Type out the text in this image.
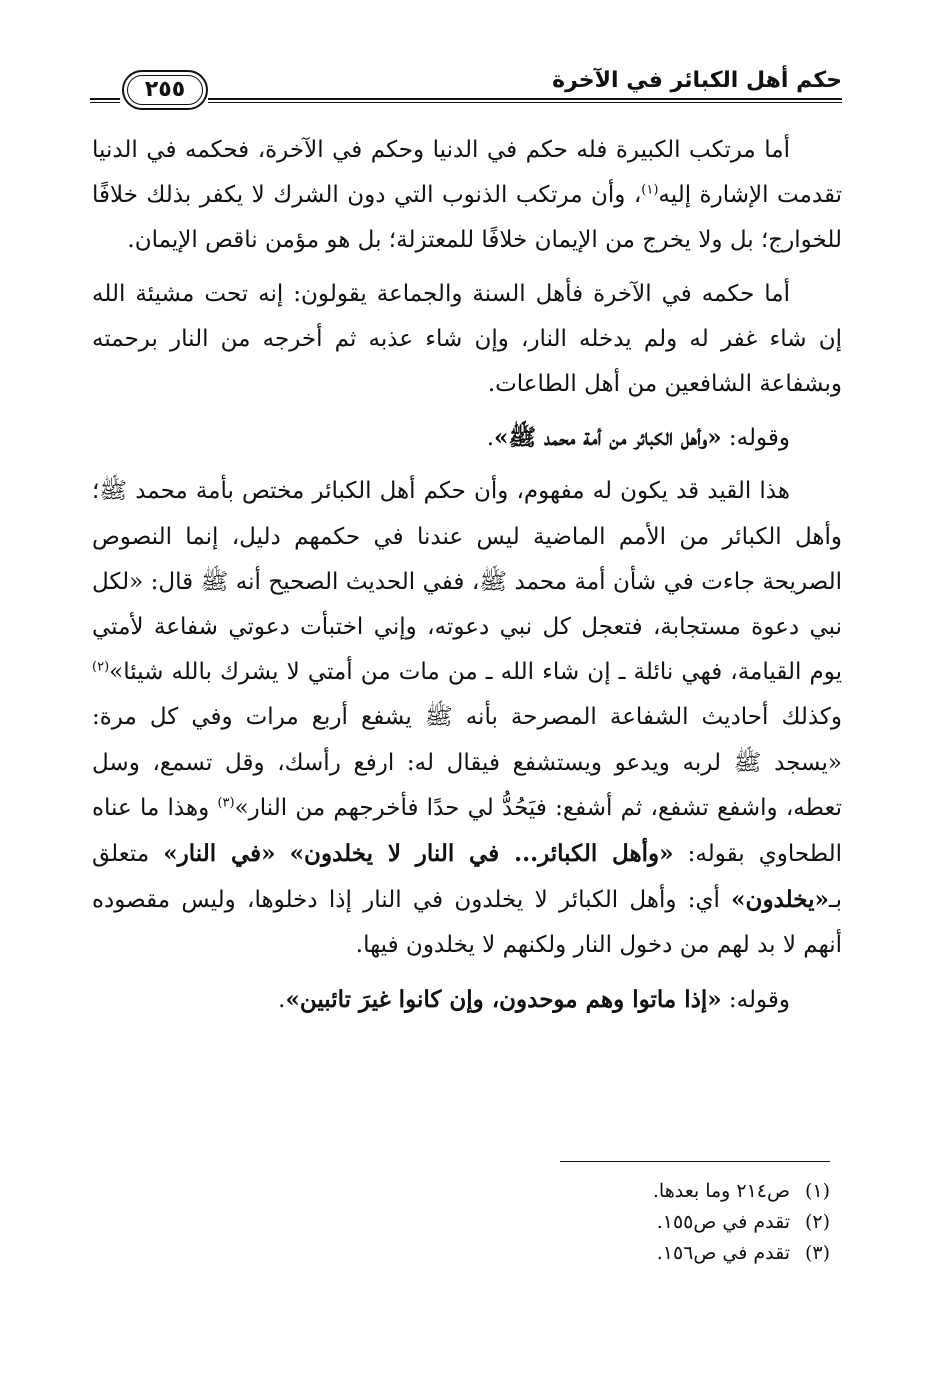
حكم أهل الكبائر في الآخرة
٢٥٥

أما مرتكب الكبيرة فله حكم في الدنيا وحكم في الآخرة، فحكمه في الدنيا تقدمت الإشارة إليه$^{(١)}$، وأن مرتكب الذنوب التي دون الشرك لا يكفر بذلك خلافًا للخوارج؛ بل ولا يخرج من الإيمان خلافًا للمعتزلة؛ بل هو مؤمن ناقص الإيمان.

أما حكمه في الآخرة فأهل السنة والجماعة يقولون: إنه تحت مشيئة الله إن شاء غفر له ولم يدخله النار، وإن شاء عذبه ثم أخرجه من النار برحمته وبشفاعة الشافعين من أهل الطاعات.

وقوله: «وأهل الكبائر من أمة محمد ﷺ».

هذا القيد قد يكون له مفهوم، وأن حكم أهل الكبائر مختص بأمة محمد ﷺ؛ وأهل الكبائر من الأمم الماضية ليس عندنا في حكمهم دليل، إنما النصوص الصريحة جاءت في شأن أمة محمد ﷺ، ففي الحديث الصحيح أنه ﷺ قال: «لكل نبي دعوة مستجابة، فتعجل كل نبي دعوته، وإني اختبأت دعوتي شفاعة لأمتي يوم القيامة، فهي نائلة ـ إن شاء الله ـ من مات من أمتي لا يشرك بالله شيئا»$^{(٢)}$ وكذلك أحاديث الشفاعة المصرحة بأنه ﷺ يشفع أربع مرات وفي كل مرة: «يسجد ﷺ لربه ويدعو ويستشفع فيقال له: ارفع رأسك، وقل تسمع، وسل تعطه، واشفع تشفع، ثم أشفع: فيَحُدُّ لي حدًا فأخرجهم من النار»$^{(٣)}$ وهذا ما عناه الطحاوي بقوله: «وأهل الكبائر... في النار لا يخلدون» «في النار» متعلق بـ«يخلدون» أي: وأهل الكبائر لا يخلدون في النار إذا دخلوها، وليس مقصوده أنهم لا بد لهم من دخول النار ولكنهم لا يخلدون فيها.

وقوله: «إذا ماتوا وهم موحدون، وإن كانوا غيرَ تائبين».

(١)ص٢١٤ وما بعدها.
(٢)تقدم في ص١٥٥.
(٣)تقدم في ص١٥٦.
